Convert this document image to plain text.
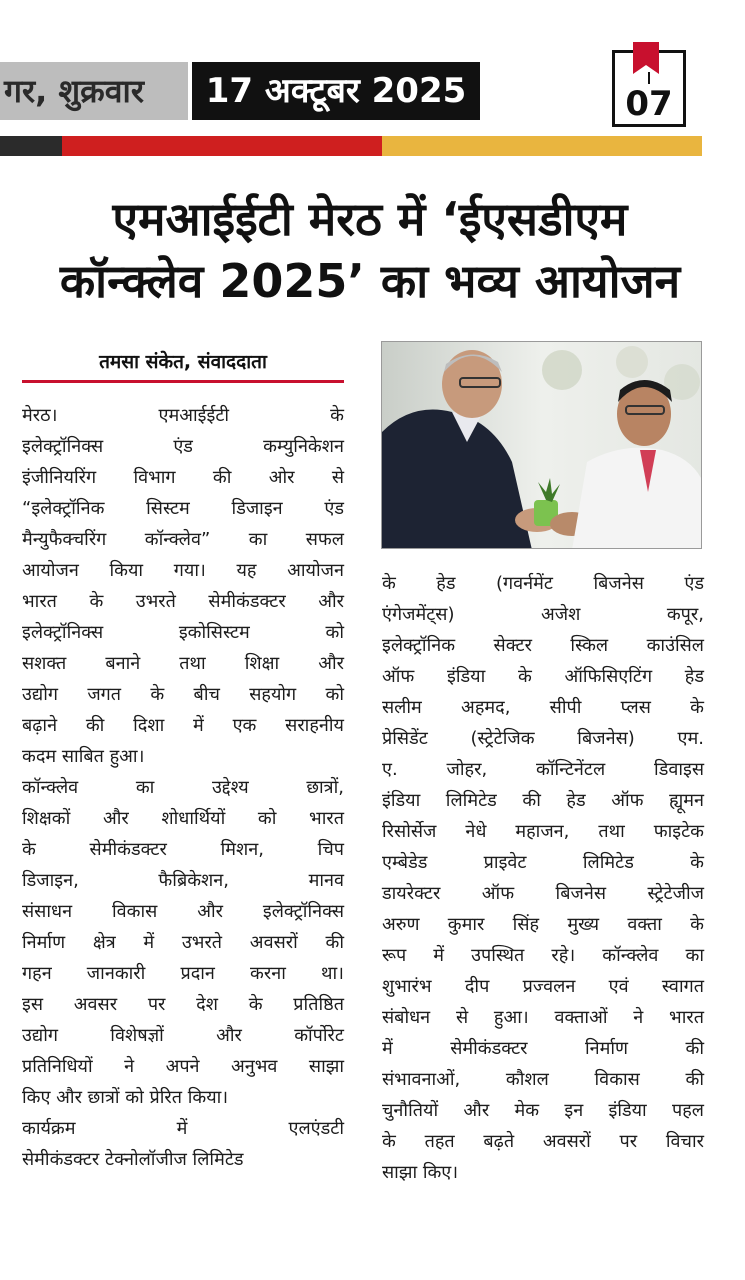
गर, शुक्रवार	17 अक्टूबर 2025	07
एमआईईटी मेरठ में ‘ईएसडीएम
कॉन्क्लेव 2025’ का भव्य आयोजन
तमसा संकेत, संवाददाता
मेरठ। एमआईईटी के
इलेक्ट्रॉनिक्स एंड कम्युनिकेशन
इंजीनियरिंग विभाग की ओर से
“इलेक्ट्रॉनिक सिस्टम डिजाइन एंड
मैन्युफैक्चरिंग कॉन्क्लेव” का सफल
आयोजन किया गया। यह आयोजन
भारत के उभरते सेमीकंडक्टर और
इलेक्ट्रॉनिक्स इकोसिस्टम को
सशक्त बनाने तथा शिक्षा और
उद्योग जगत के बीच सहयोग को
बढ़ाने की दिशा में एक सराहनीय
कदम साबित हुआ।
कॉन्क्लेव का उद्देश्य छात्रों,
शिक्षकों और शोधार्थियों को भारत
के सेमीकंडक्टर मिशन, चिप
डिजाइन, फैब्रिकेशन, मानव
संसाधन विकास और इलेक्ट्रॉनिक्स
निर्माण क्षेत्र में उभरते अवसरों की
गहन जानकारी प्रदान करना था।
इस अवसर पर देश के प्रतिष्ठित
उद्योग विशेषज्ञों और कॉर्पोरेट
प्रतिनिधियों ने अपने अनुभव साझा
किए और छात्रों को प्रेरित किया।
कार्यक्रम में एलएंडटी
सेमीकंडक्टर टेक्नोलॉजीज लिमिटेड
के हेड (गवर्नमेंट बिजनेस एंड
एंगेजमेंट्स) अजेश कपूर,
इलेक्ट्रॉनिक सेक्टर स्किल काउंसिल
ऑफ इंडिया के ऑफिसिएटिंग हेड
सलीम अहमद, सीपी प्लस के
प्रेसिडेंट (स्ट्रेटेजिक बिजनेस) एम.
ए. जोहर, कॉन्टिनेंटल डिवाइस
इंडिया लिमिटेड की हेड ऑफ ह्यूमन
रिसोर्सेज नेधे महाजन, तथा फाइटेक
एम्बेडेड प्राइवेट लिमिटेड के
डायरेक्टर ऑफ बिजनेस स्ट्रेटेजीज
अरुण कुमार सिंह मुख्य वक्ता के
रूप में उपस्थित रहे। कॉन्क्लेव का
शुभारंभ दीप प्रज्वलन एवं स्वागत
संबोधन से हुआ। वक्ताओं ने भारत
में सेमीकंडक्टर निर्माण की
संभावनाओं, कौशल विकास की
चुनौतियों और मेक इन इंडिया पहल
के तहत बढ़ते अवसरों पर विचार
साझा किए।
